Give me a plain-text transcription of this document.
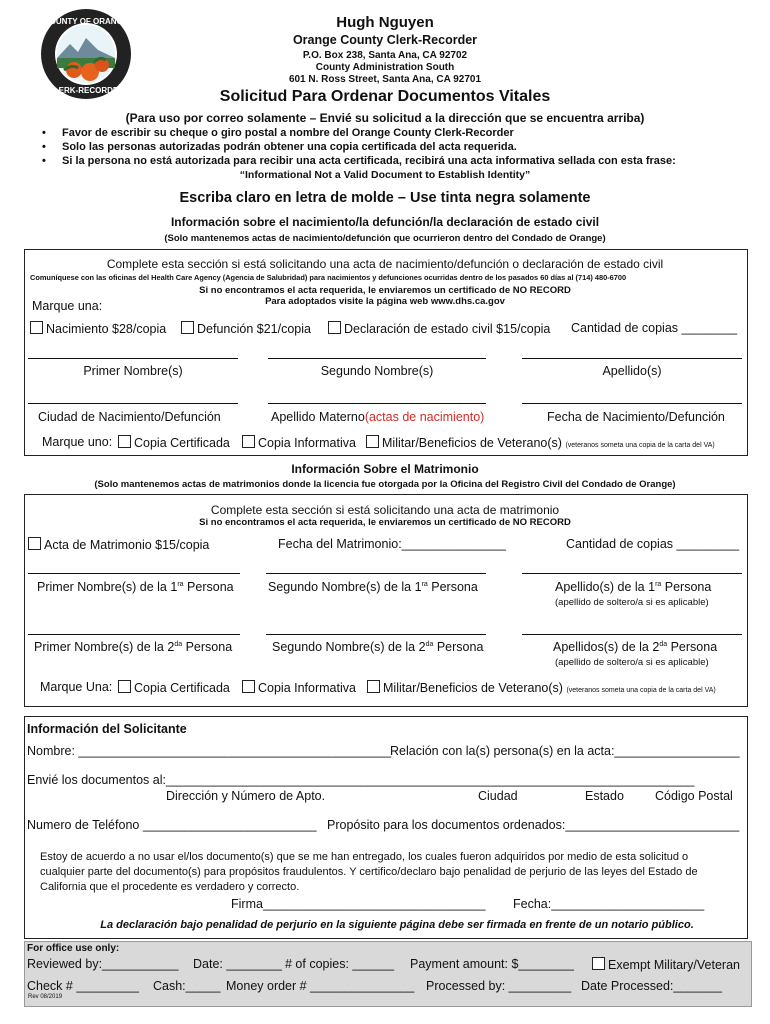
COUNTY OF ORANGE
CLERK-RECORDER
Hugh Nguyen
Orange County Clerk-Recorder
P.O. Box 238, Santa Ana, CA 92702
County Administration South
601 N. Ross Street, Santa Ana, CA 92701
Solicitud Para Ordenar Documentos Vitales
(Para uso por correo solamente – Envié su solicitud a la dirección que se encuentra arriba)
• Favor de escribir su cheque o giro postal a nombre del Orange County Clerk-Recorder
• Solo las personas autorizadas podrán obtener una copia certificada del acta requerida.
• Si la persona no está autorizada para recibir una acta certificada, recibirá una acta informativa sellada con esta frase:
“Informational Not a Valid Document to Establish Identity”
Escriba claro en letra de molde – Use tinta negra solamente
Información sobre el nacimiento/la defunción/la declaración de estado civil
(Solo mantenemos actas de nacimiento/defunción que ocurrieron dentro del Condado de Orange)
Complete esta sección si está solicitando una acta de nacimiento/defunción o declaración de estado civil
Comuníquese con las oficinas del Health Care Agency (Agencia de Salubridad) para nacimientos y defunciones ocurridas dentro de los pasados 60 días al (714) 480-6700
Si no encontramos el acta requerida, le enviaremos un certificado de NO RECORD
Para adoptados visite la página web www.dhs.ca.gov
Marque una:
Nacimiento $28/copia	Defunción $21/copia	Declaración de estado civil $15/copia Cantidad de copias ________
Primer Nombre(s)	Segundo Nombre(s)	Apellido(s)
Ciudad de Nacimiento/Defunción	Apellido Materno(actas de nacimiento)	Fecha de Nacimiento/Defunción
Marque uno:	Copia Certificada	Copia Informativa	Militar/Beneficios de Veterano(s) (veteranos someta una copia de la carta del VA)
Información Sobre el Matrimonio
(Solo mantenemos actas de matrimonios donde la licencia fue otorgada por la Oficina del Registro Civil del Condado de Orange)
Complete esta sección si está solicitando una acta de matrimonio
Si no encontramos el acta requerida, le enviaremos un certificado de NO RECORD
Acta de Matrimonio $15/copia	Fecha del Matrimonio:_______________	Cantidad de copias _________
Primer Nombre(s) de la $1^{ra}$ Persona	Segundo Nombre(s) de la $1^{ra}$ Persona	Apellido(s) de la $1^{ra}$ Persona
(apellido de soltero/a si es aplicable)
Primer Nombre(s) de la $2^{da}$ Persona	Segundo Nombre(s) de la $2^{da}$ Persona	Apellidos(s) de la $2^{da}$ Persona
(apellido de soltero/a si es aplicable)
Marque Una:	Copia Certificada	Copia Informativa	Militar/Beneficios de Veterano(s) (veteranos someta una copia de la carta del VA)
Información del Solicitante
Nombre: _____________________________________________
Relación con la(s) persona(s) en la acta:__________________
Envié los documentos al:____________________________________________________________________________
Dirección y Número de Apto.	Ciudad	Estado Código Postal
Numero de Teléfono _________________________ Propósito para los documentos ordenados:_________________________
Estoy de acuerdo a no usar el/los documento(s) que se me han entregado, los cuales fueron adquiridos por medio de esta solicitud o cualquier parte del documento(s) para propósitos fraudulentos. Y certifico/declaro bajo penalidad de perjurio de las leyes del Estado de California que el procedente es verdadero y correcto.
Firma________________________________ Fecha:______________________
La declaración bajo penalidad de perjurio en la siguiente página debe ser firmada en frente de un notario público.
For office use only:
Reviewed by:___________ Date: ________ # of copies: ______ Payment amount: $________	Exempt Military/Veteran
Check # _________ Cash:_____ Money order # _______________ Processed by: _________ Date Processed:_______
Rev 08/2019
